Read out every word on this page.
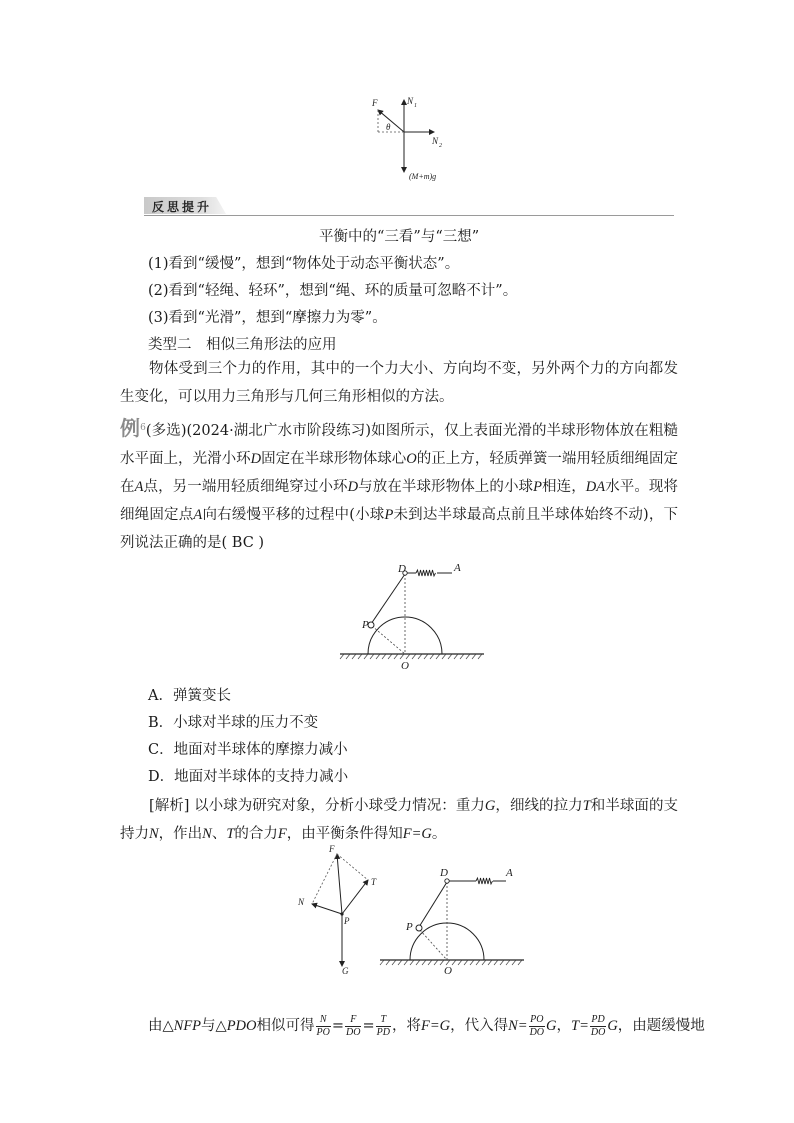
F
θ
N 1
N 2
(M+m)g
反思提升
平衡中的“三看”与“三想”
(1)看到“缓慢”，想到“物体处于动态平衡状态”。
(2)看到“轻绳、轻环”，想到“绳、环的质量可忽略不计”。
(3)看到“光滑”，想到“摩擦力为零”。
类型二　相似三角形法的应用
物体受到三个力的作用，其中的一个力大小、方向均不变，另外两个力的方向都发生变化，可以用力三角形与几何三角形相似的方法。
例$^6$(多选)(2024·湖北广水市阶段练习)如图所示，仅上表面光滑的半球形物体放在粗糙水平面上，光滑小环D固定在半球形物体球心O的正上方，轻质弹簧一端用轻质细绳固定在A点，另一端用轻质细绳穿过小环D与放在半球形物体上的小球P相连，DA水平。现将细绳固定点A向右缓慢平移的过程中(小球P未到达半球最高点前且半球体始终不动)，下列说法正确的是( BC )
D	A
P
O
A．弹簧变长
B．小球对半球的压力不变
C．地面对半球体的摩擦力减小
D．地面对半球体的支持力减小
[解析] 以小球为研究对象，分析小球受力情况：重力G，细线的拉力T和半球面的支持力N，作出N、T的合力F，由平衡条件得知F=G。
F
T
N
P
G
D	A
P
O
由△NFP与△PDO相似可得 $\frac{N}{PO} = \frac{F}{DO} = \frac{T}{PD}$ ，将F=G，代入得$N= \frac{PO}{DO}$ G，$T= \frac{PD}{DO}$ G，由题缓慢地
